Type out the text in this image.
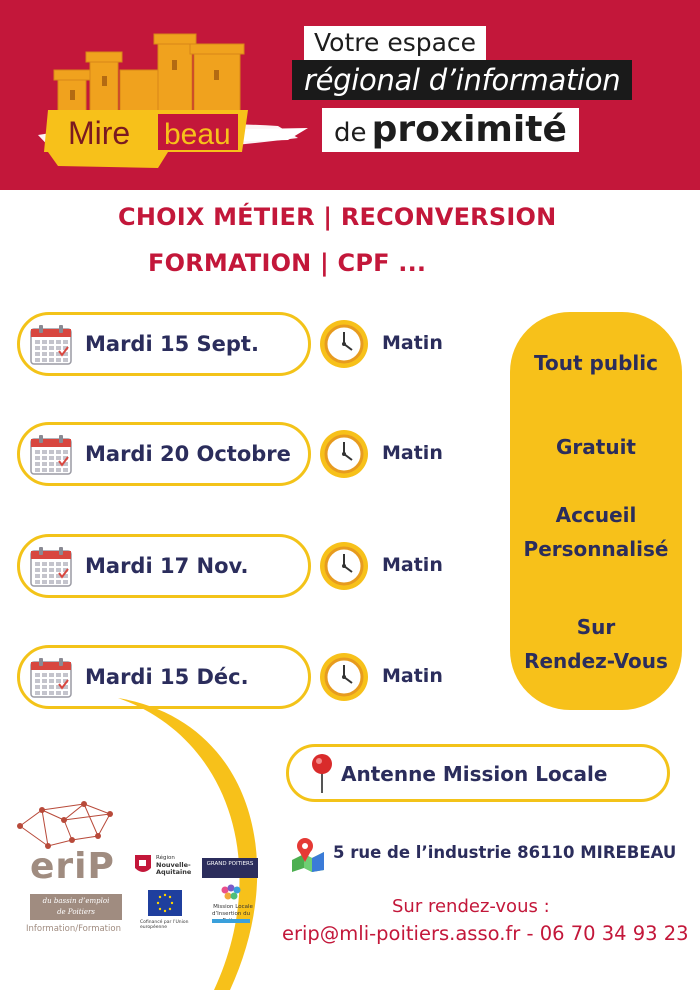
Mire beau
Votre espace
régional d’information
de proximité
CHOIX MÉTIER | RECONVERSION
FORMATION | CPF ...
Mardi 15 Sept.	Matin
Mardi 20 Octobre	Matin
Mardi 17 Nov.	Matin
Mardi 15 Déc.	Matin
Tout public
Gratuit
Accueil
Personnalisé
Sur
Rendez-Vous
Antenne Mission Locale
5 rue de l’industrie 86110 MIREBEAU
Sur rendez-vous :
erip@mli-poitiers.asso.fr - 06 70 34 93 23
eriP
du bassin d’emploi
de Poitiers
Information/Formation
Région
Nouvelle-
Aquitaine
GRAND POITIERS
Cofinancé par l’Union européenne
Mission Locale
d’Insertion du
